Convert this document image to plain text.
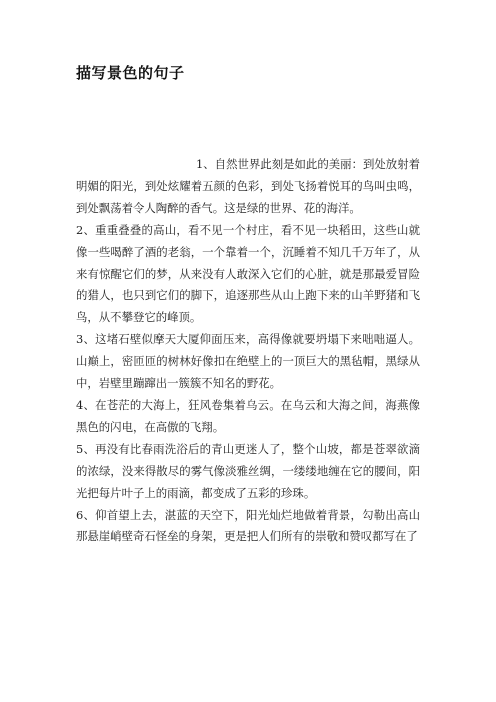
描写景色的句子

1、自然世界此刻是如此的美丽：到处放射着明媚的阳光，到处炫耀着五颜的色彩，到处飞扬着悦耳的鸟叫虫鸣，到处飘荡着令人陶醉的香气。这是绿的世界、花的海洋。

2、重重叠叠的高山，看不见一个村庄，看不见一块稻田，这些山就像一些喝醉了酒的老翁，一个靠着一个，沉睡着不知几千万年了，从来有惊醒它们的梦，从来没有人敢深入它们的心脏，就是那最爱冒险的猎人，也只到它们的脚下，追逐那些从山上跑下来的山羊野猪和飞鸟，从不攀登它的峰顶。

3、这堵石壁似摩天大厦仰面压来，高得像就要坍塌下来咄咄逼人。山巅上，密匝匝的树林好像扣在绝壁上的一顶巨大的黑毡帽，黑绿从中，岩壁里蹦蹿出一簇簇不知名的野花。

4、在苍茫的大海上，狂风卷集着乌云。在乌云和大海之间，海燕像黑色的闪电，在高傲的飞翔。

5、再没有比春雨洗浴后的青山更迷人了，整个山坡，都是苍翠欲滴的浓绿，没来得散尽的雾气像淡雅丝绸，一缕缕地缠在它的腰间，阳光把每片叶子上的雨滴，都变成了五彩的珍珠。

6、仰首望上去，湛蓝的天空下，阳光灿烂地做着背景，勾勒出高山那悬崖峭壁奇石怪垒的身架，更是把人们所有的崇敬和赞叹都写在了
